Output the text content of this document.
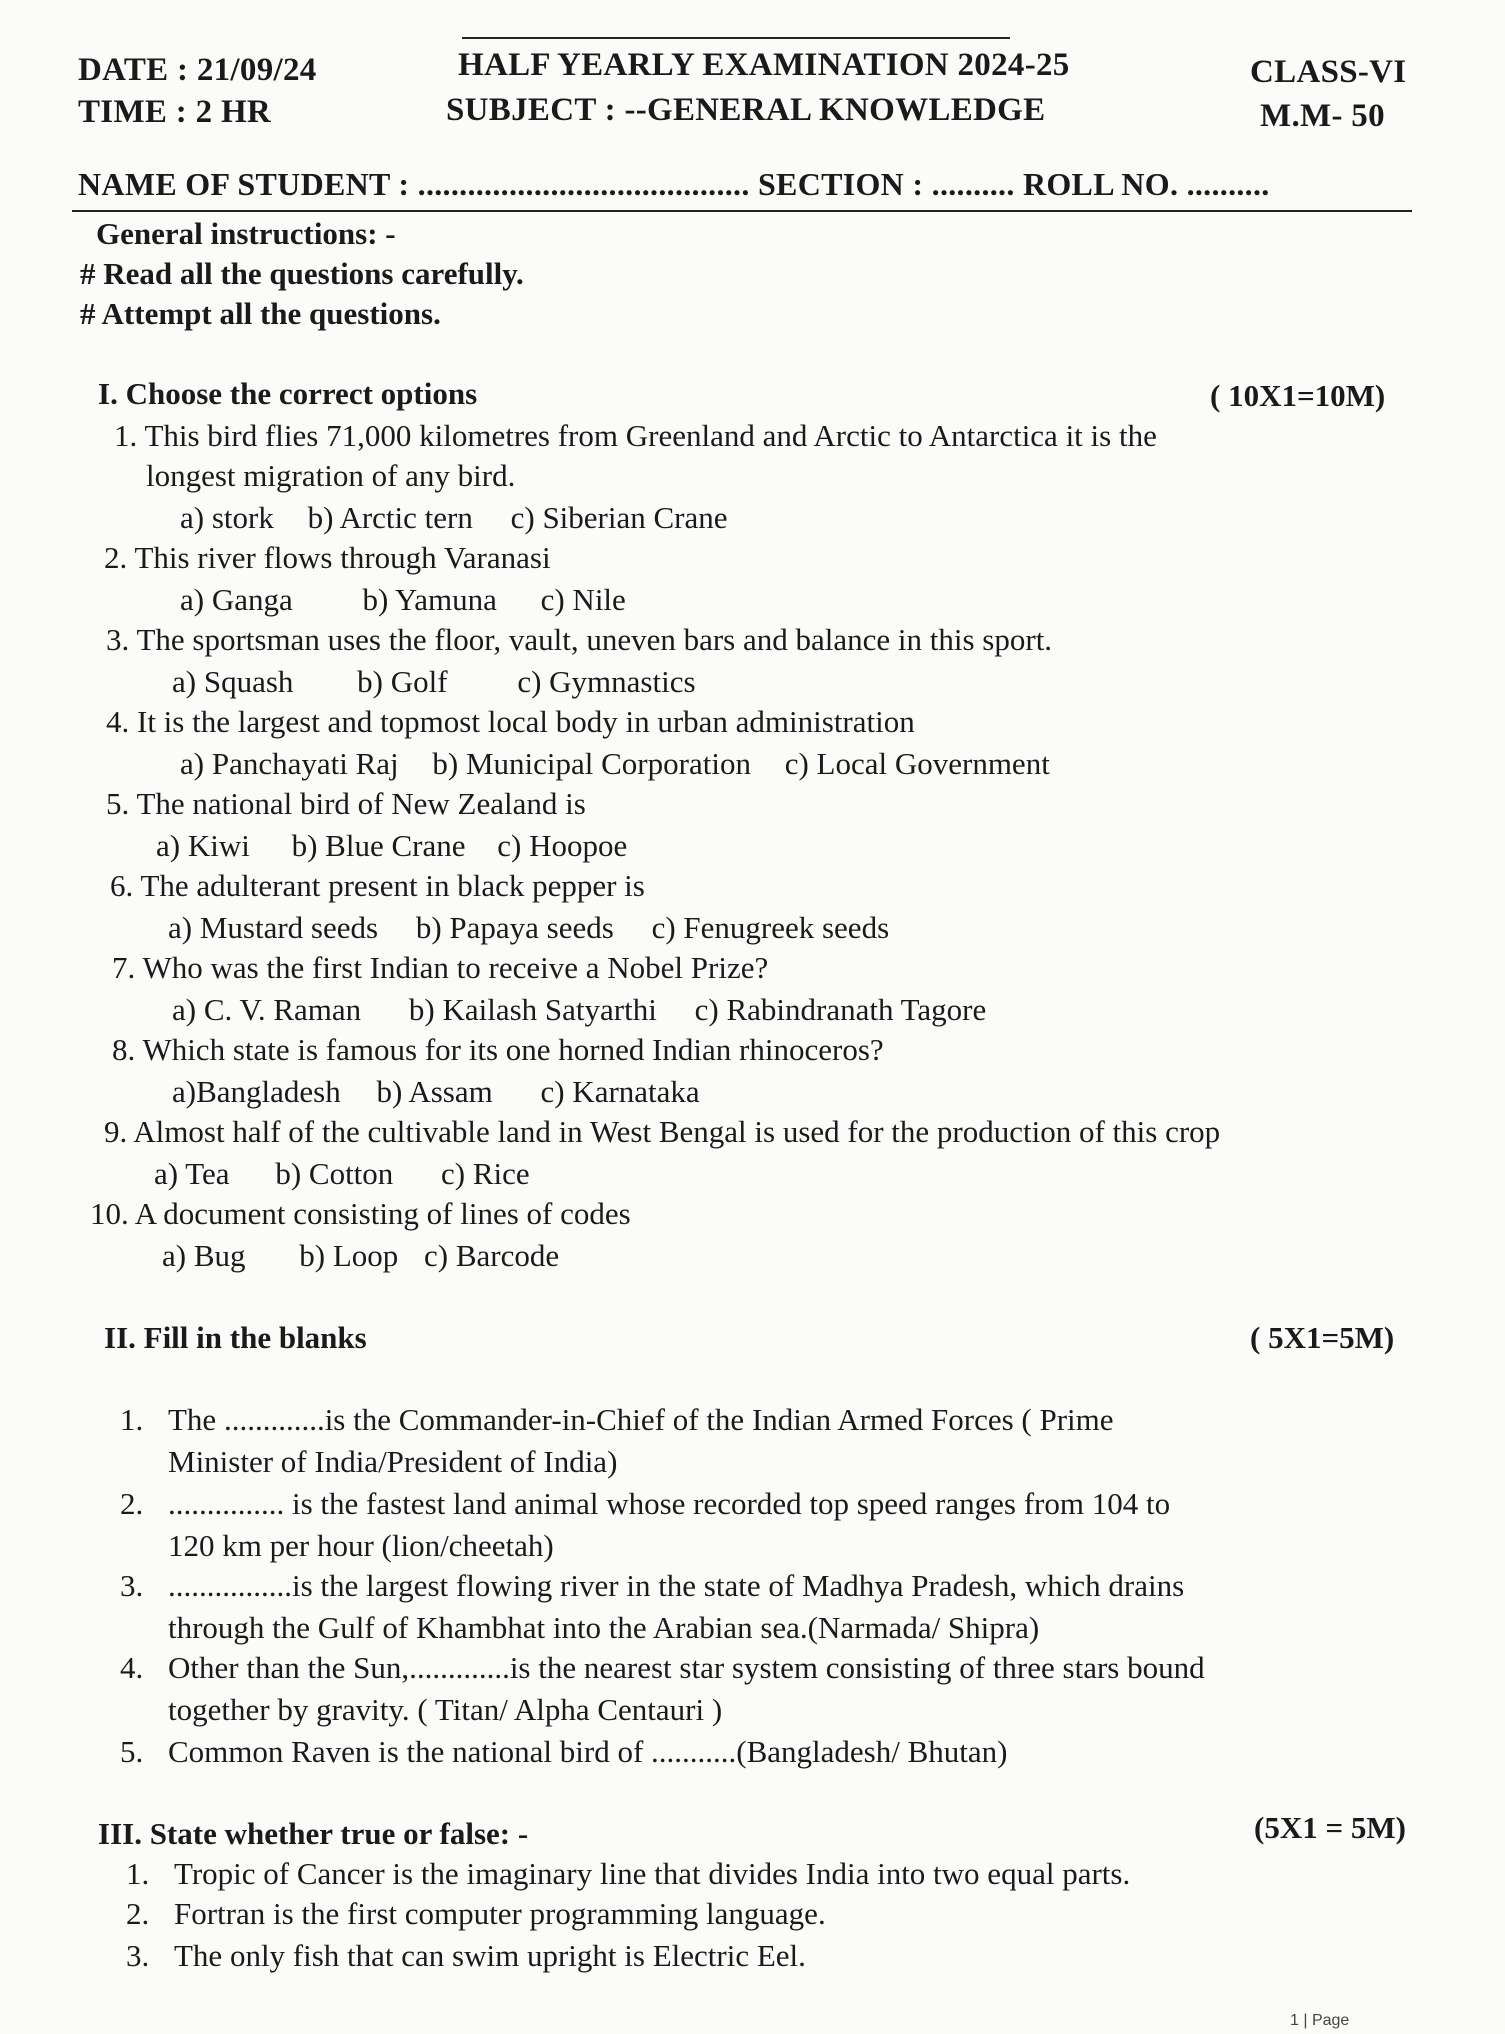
DATE : 21/09/24
TIME : 2 HR
HALF YEARLY EXAMINATION 2024-25
SUBJECT : --GENERAL KNOWLEDGE
CLASS-VI
M.M- 50
NAME OF STUDENT : ........................................ SECTION : .......... ROLL NO. ..........
General instructions: -
# Read all the questions carefully.
# Attempt all the questions.
I. Choose the correct options	( 10X1=10M)
1. This bird flies 71,000 kilometres from Greenland and Arctic to Antarctica it is the
longest migration of any bird.
a) stork b) Arctic tern c) Siberian Crane
2. This river flows through Varanasi
a) Ganga b) Yamuna c) Nile
3. The sportsman uses the floor, vault, uneven bars and balance in this sport.
a) Squash b) Golf c) Gymnastics
4. It is the largest and topmost local body in urban administration
a) Panchayati Raj b) Municipal Corporation c) Local Government
5. The national bird of New Zealand is
a) Kiwi b) Blue Crane c) Hoopoe
6. The adulterant present in black pepper is
a) Mustard seeds b) Papaya seeds c) Fenugreek seeds
7. Who was the first Indian to receive a Nobel Prize?
a) C. V. Raman b) Kailash Satyarthi c) Rabindranath Tagore
8. Which state is famous for its one horned Indian rhinoceros?
a)Bangladesh b) Assam c) Karnataka
9. Almost half of the cultivable land in West Bengal is used for the production of this crop
a) Tea b) Cotton c) Rice
10. A document consisting of lines of codes
a) Bug b) Loop c) Barcode
II. Fill in the blanks	( 5X1=5M)
1. The .............is the Commander-in-Chief of the Indian Armed Forces ( Prime
Minister of India/President of India)
2. ............... is the fastest land animal whose recorded top speed ranges from 104 to
120 km per hour (lion/cheetah)
3. ................is the largest flowing river in the state of Madhya Pradesh, which drains
through the Gulf of Khambhat into the Arabian sea.(Narmada/ Shipra)
4. Other than the Sun,.............is the nearest star system consisting of three stars bound
together by gravity. ( Titan/ Alpha Centauri )
5. Common Raven is the national bird of ...........(Bangladesh/ Bhutan)
III. State whether true or false: -	(5X1 = 5M)
1. Tropic of Cancer is the imaginary line that divides India into two equal parts.
2. Fortran is the first computer programming language.
3. The only fish that can swim upright is Electric Eel.
1 | Page
